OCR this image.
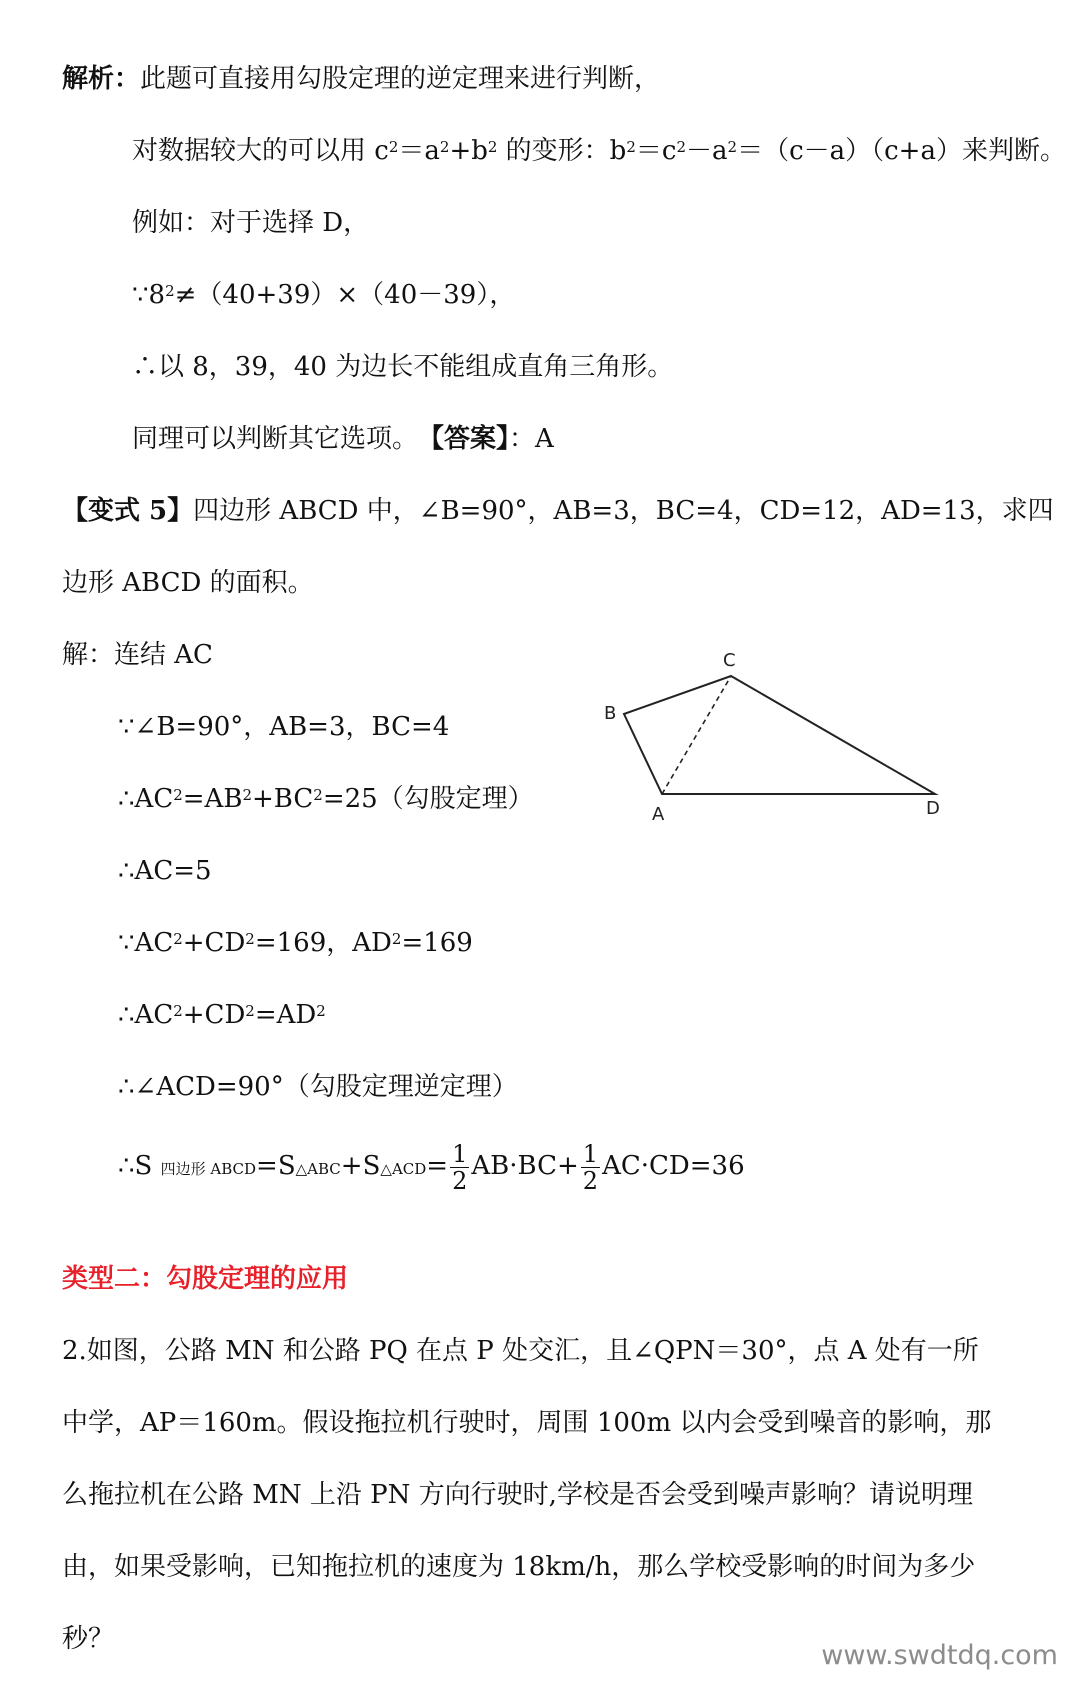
解析：此题可直接用勾股定理的逆定理来进行判断，
对数据较大的可以用 $c^2=a^2+b^2$ 的变形：$b^2=c^2-a^2=(c-a)(c+a)$来判断。
例如：对于选择 D，
$\because 8^2\ne(40+39)\times(40-39)$，
∴以 8，39，40 为边长不能组成直角三角形。
同理可以判断其它选项。　 【答案】：A
【变式 5】四边形 ABCD 中，∠B=90°，AB=3，BC=4，CD=12，AD=13，求四
边形 ABCD 的面积。
解：连结 AC
∵∠B=90°，AB=3，BC=4
$\therefore AC^2=AB^2+BC^2=25$（勾股定理）
∴AC=5
$\because AC^2+CD^2=169$，$AD^2=169$
$\therefore AC^2+CD^2=AD^2$
∴∠ACD=90°（勾股定理逆定理）
∴S 四边形 ABCD=S△ABC+S△ACD= $\frac{1}{2} AB\cdot BC+ \frac{1}{2} AC\cdot CD=36$
B
C
A	D
类型二：勾股定理的应用
2.如图，公路 MN 和公路 PQ 在点 P 处交汇，且∠QPN＝30°，点 A 处有一所
中学，AP＝160m。假设拖拉机行驶时，周围 100m 以内会受到噪音的影响，那
么拖拉机在公路 MN 上沿 PN 方向行驶时,学校是否会受到噪声影响？请说明理
由，如果受影响，已知拖拉机的速度为 18km/h，那么学校受影响的时间为多少
秒？
www.swdtdq.com
